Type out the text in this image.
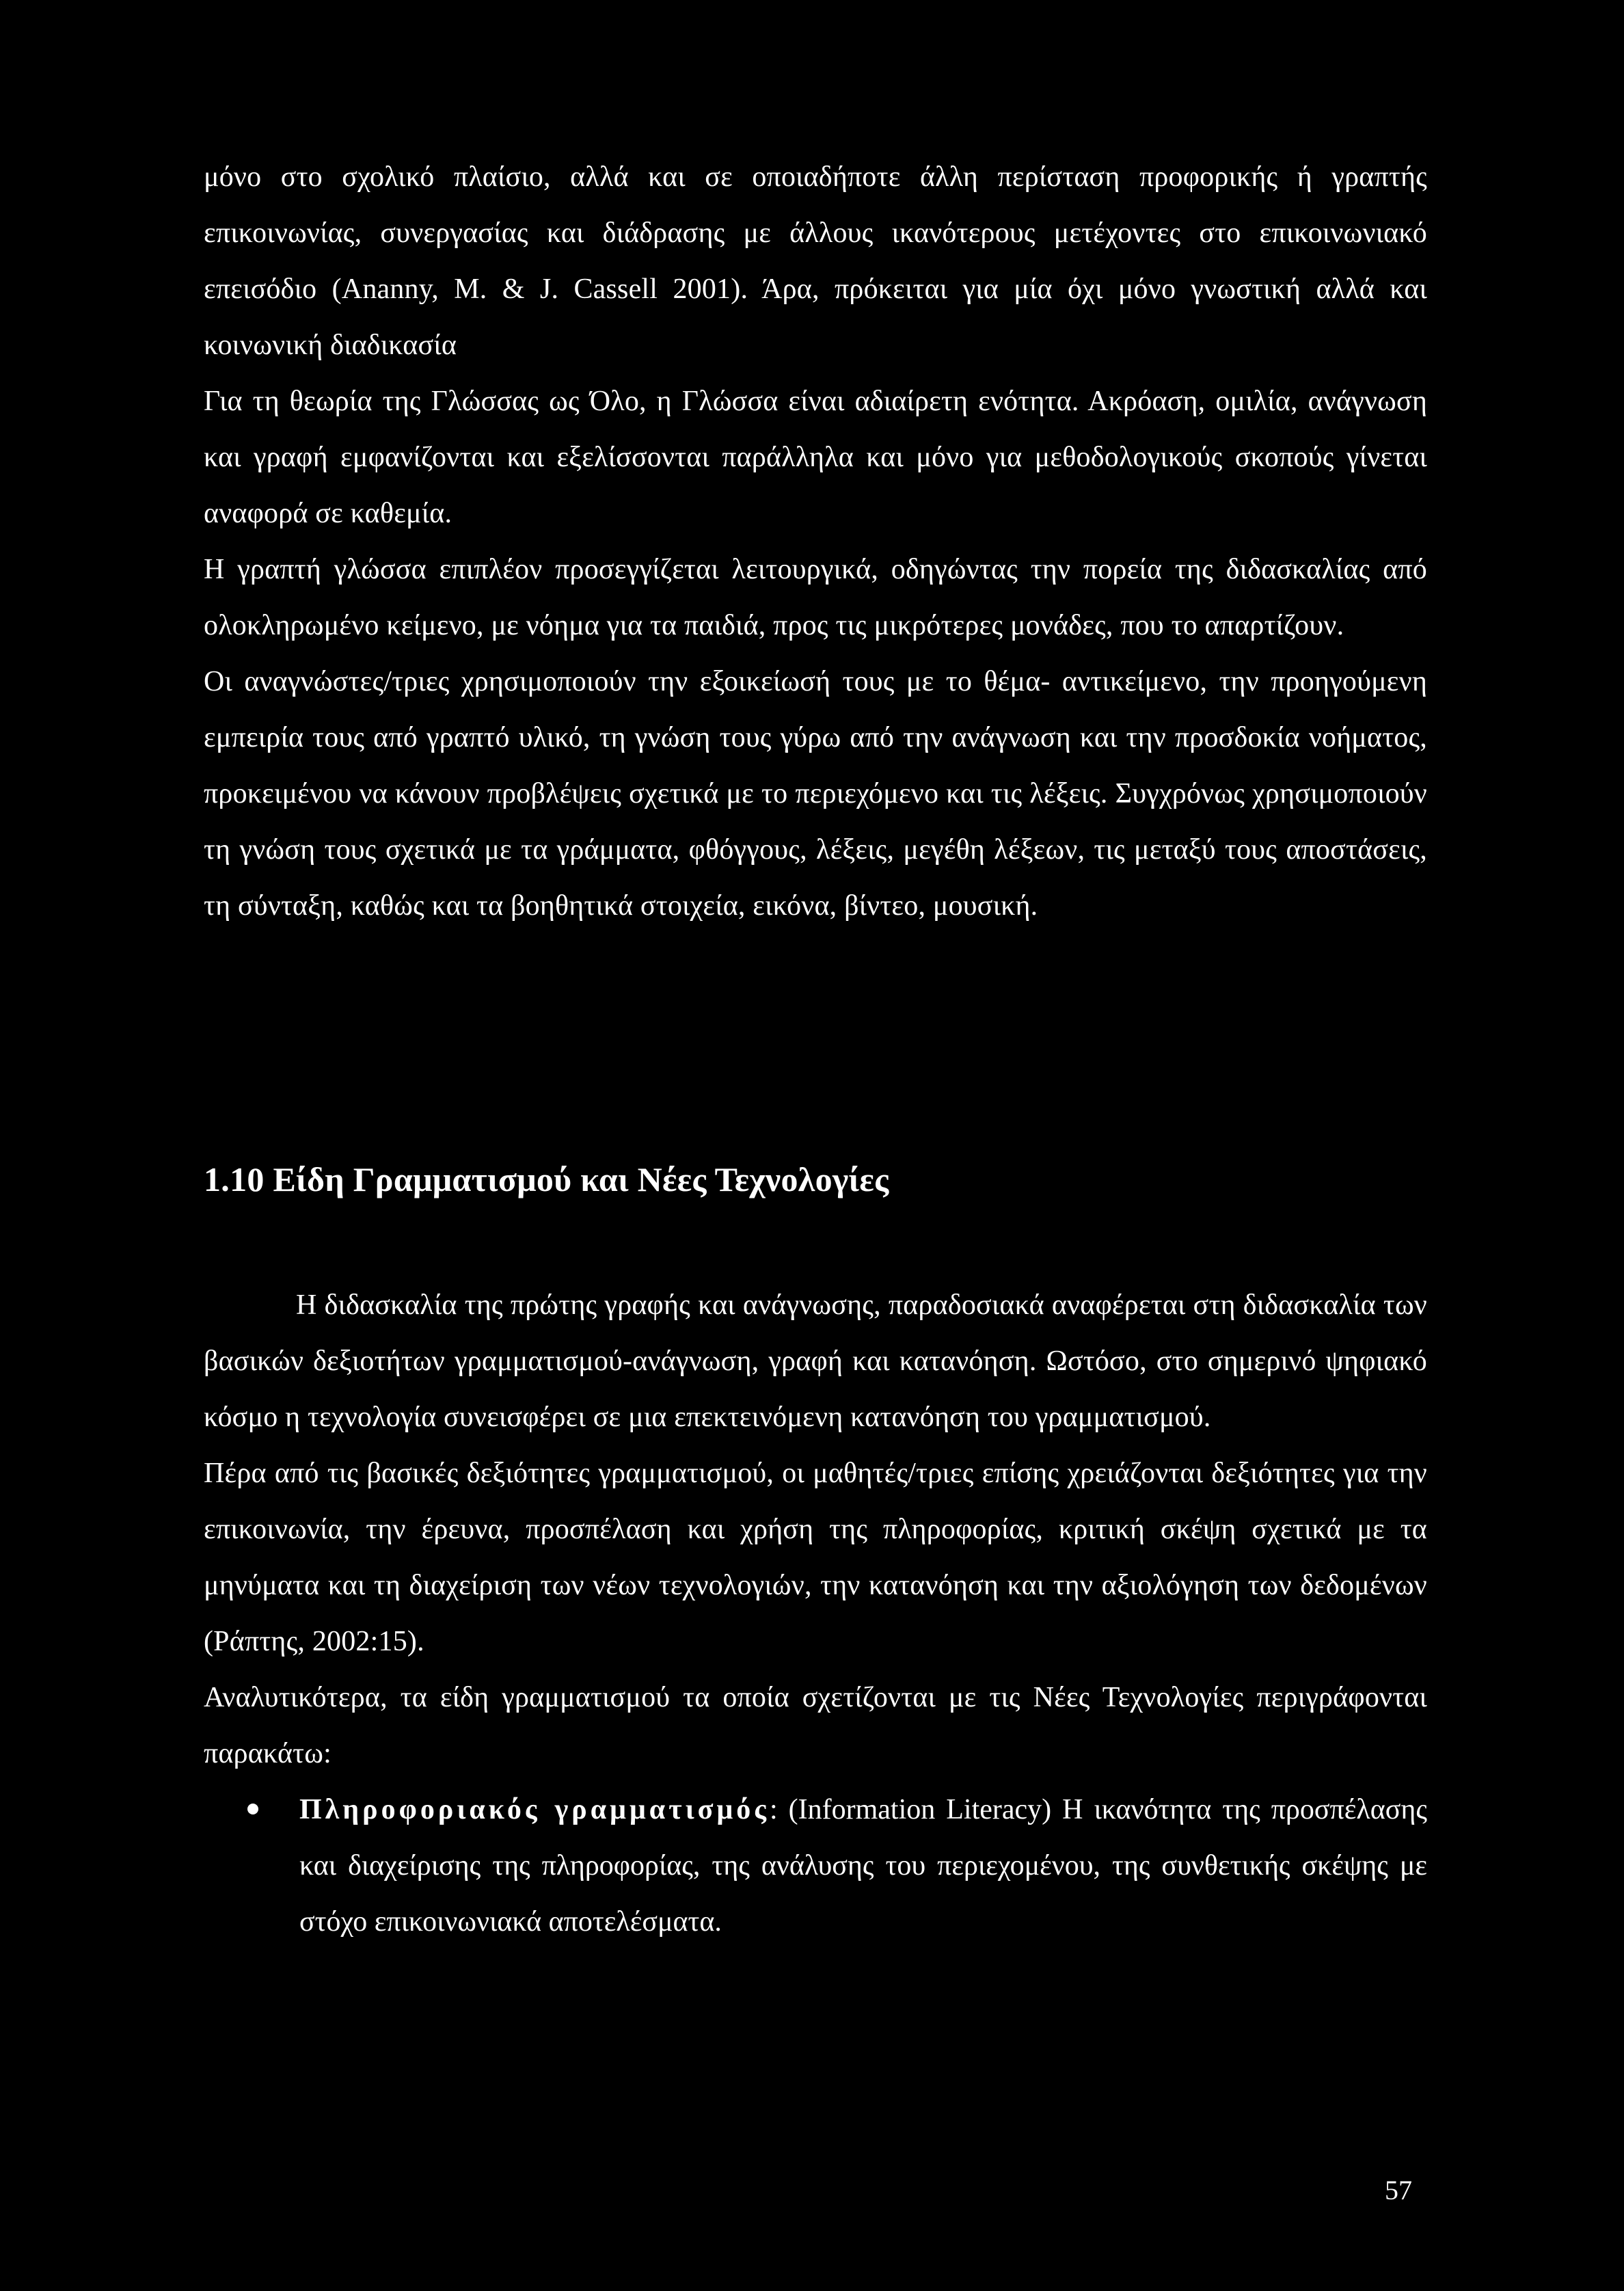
μόνο στο σχολικό πλαίσιο, αλλά και σε οποιαδήποτε άλλη περίσταση προφορικής ή γραπτής επικοινωνίας, συνεργασίας και διάδρασης με άλλους ικανότερους μετέχοντες στο επικοινωνιακό επεισόδιο (Ananny, M. & J. Cassell 2001). Άρα, πρόκειται για μία όχι μόνο γνωστική αλλά και κοινωνική διαδικασία

Για τη θεωρία της Γλώσσας ως Όλο, η Γλώσσα είναι αδιαίρετη ενότητα. Ακρόαση, ομιλία, ανάγνωση και γραφή εμφανίζονται και εξελίσσονται παράλληλα και μόνο για μεθοδολογικούς σκοπούς γίνεται αναφορά σε καθεμία.

Η γραπτή γλώσσα επιπλέον προσεγγίζεται λειτουργικά, οδηγώντας την πορεία της διδασκαλίας από ολοκληρωμένο κείμενο, με νόημα για τα παιδιά, προς τις μικρότερες μονάδες, που το απαρτίζουν.

Οι αναγνώστες/τριες χρησιμοποιούν την εξοικείωσή τους με το θέμα- αντικείμενο, την προηγούμενη εμπειρία τους από γραπτό υλικό, τη γνώση τους γύρω από την ανάγνωση και την προσδοκία νοήματος, προκειμένου να κάνουν προβλέψεις σχετικά με το περιεχόμενο και τις λέξεις. Συγχρόνως χρησιμοποιούν τη γνώση τους σχετικά με τα γράμματα, φθόγγους, λέξεις, μεγέθη λέξεων, τις μεταξύ τους αποστάσεις, τη σύνταξη, καθώς και τα βοηθητικά στοιχεία, εικόνα, βίντεο, μουσική.

1.10 Είδη Γραμματισμού και Νέες Τεχνολογίες

Η διδασκαλία της πρώτης γραφής και ανάγνωσης, παραδοσιακά αναφέρεται στη διδασκαλία των βασικών δεξιοτήτων γραμματισμού-ανάγνωση, γραφή και κατανόηση. Ωστόσο, στο σημερινό ψηφιακό κόσμο η τεχνολογία συνεισφέρει σε μια επεκτεινόμενη κατανόηση του γραμματισμού.

Πέρα από τις βασικές δεξιότητες γραμματισμού, οι μαθητές/τριες επίσης χρειάζονται δεξιότητες για την επικοινωνία, την έρευνα, προσπέλαση και χρήση της πληροφορίας, κριτική σκέψη σχετικά με τα μηνύματα και τη διαχείριση των νέων τεχνολογιών, την κατανόηση και την αξιολόγηση των δεδομένων (Ράπτης, 2002:15).

Αναλυτικότερα, τα είδη γραμματισμού τα οποία σχετίζονται με τις Νέες Τεχνολογίες περιγράφονται παρακάτω:

Πληροφοριακός γραμματισμός: (Information Literacy) Η ικανότητα της προσπέλασης και διαχείρισης της πληροφορίας, της ανάλυσης του περιεχομένου, της συνθετικής σκέψης με στόχο επικοινωνιακά αποτελέσματα.

57
